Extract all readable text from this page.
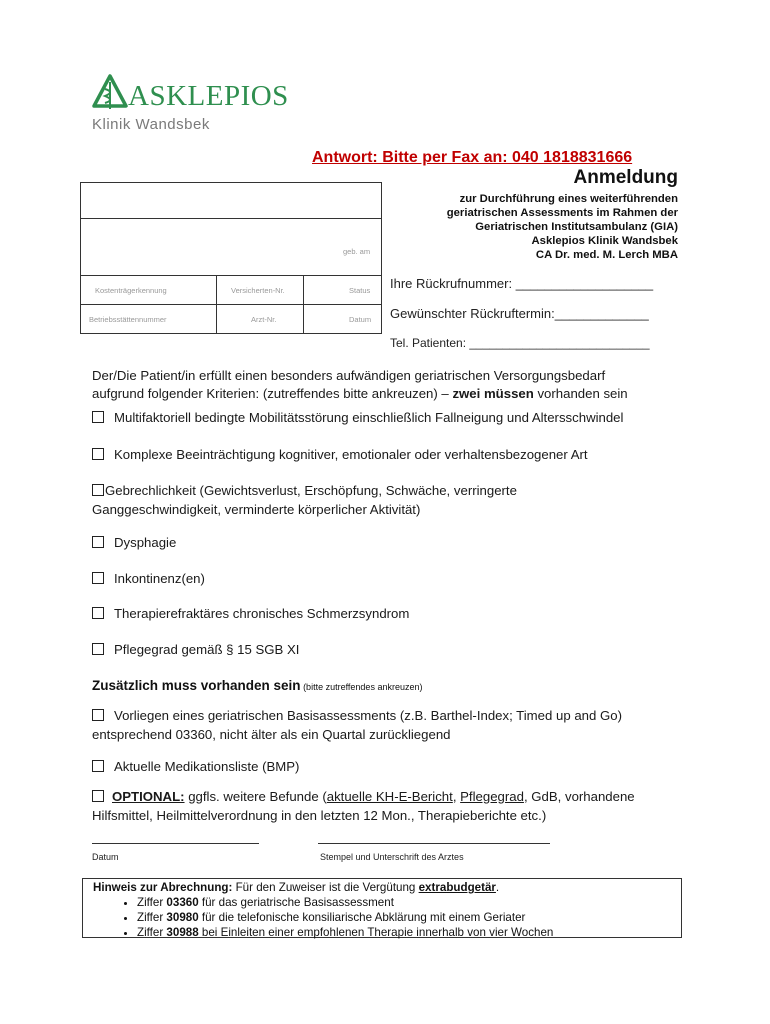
ASKLEPIOS
Klinik Wandsbek
Antwort: Bitte per Fax an: 040 1818831666
Anmeldung
zur Durchführung eines weiterführenden
geriatrischen Assessments im Rahmen der
Geriatrischen Institutsambulanz (GIA)
Asklepios Klinik Wandsbek
CA Dr. med. M. Lerch MBA
geb. am
Kostenträgerkennung	Versicherten-Nr.	Status
Betriebsstättennummer	Arzt-Nr.	Datum
Ihre Rückrufnummer: ___________________
Gewünschter Rückruftermin:_____________
Tel. Patienten: ___________________________
Der/Die Patient/in erfüllt einen besonders aufwändigen geriatrischen Versorgungsbedarf
aufgrund folgender Kriterien: (zutreffendes bitte ankreuzen) – zwei müssen vorhanden sein
Multifaktoriell bedingte Mobilitätsstörung einschließlich Fallneigung und Altersschwindel
Komplexe Beeinträchtigung kognitiver, emotionaler oder verhaltensbezogener Art
Gebrechlichkeit (Gewichtsverlust, Erschöpfung, Schwäche, verringerte
Ganggeschwindigkeit, verminderte körperlicher Aktivität)
Dysphagie
Inkontinenz(en)
Therapierefraktäres chronisches Schmerzsyndrom
Pflegegrad gemäß § 15 SGB XI
Zusätzlich muss vorhanden sein (bitte zutreffendes ankreuzen)
Vorliegen eines geriatrischen Basisassessments (z.B. Barthel-Index; Timed up and Go)
entsprechend 03360, nicht älter als ein Quartal zurückliegend
Aktuelle Medikationsliste (BMP)
OPTIONAL: ggfls. weitere Befunde (aktuelle KH-E-Bericht, Pflegegrad, GdB, vorhandene
Hilfsmittel, Heilmittelverordnung in den letzten 12 Mon., Therapieberichte etc.)
Datum	Stempel und Unterschrift des Arztes
Hinweis zur Abrechnung: Für den Zuweiser ist die Vergütung extrabudgetär.
• Ziffer 03360 für das geriatrische Basisassessment
• Ziffer 30980 für die telefonische konsiliarische Abklärung mit einem Geriater
• Ziffer 30988 bei Einleiten einer empfohlenen Therapie innerhalb von vier Wochen
